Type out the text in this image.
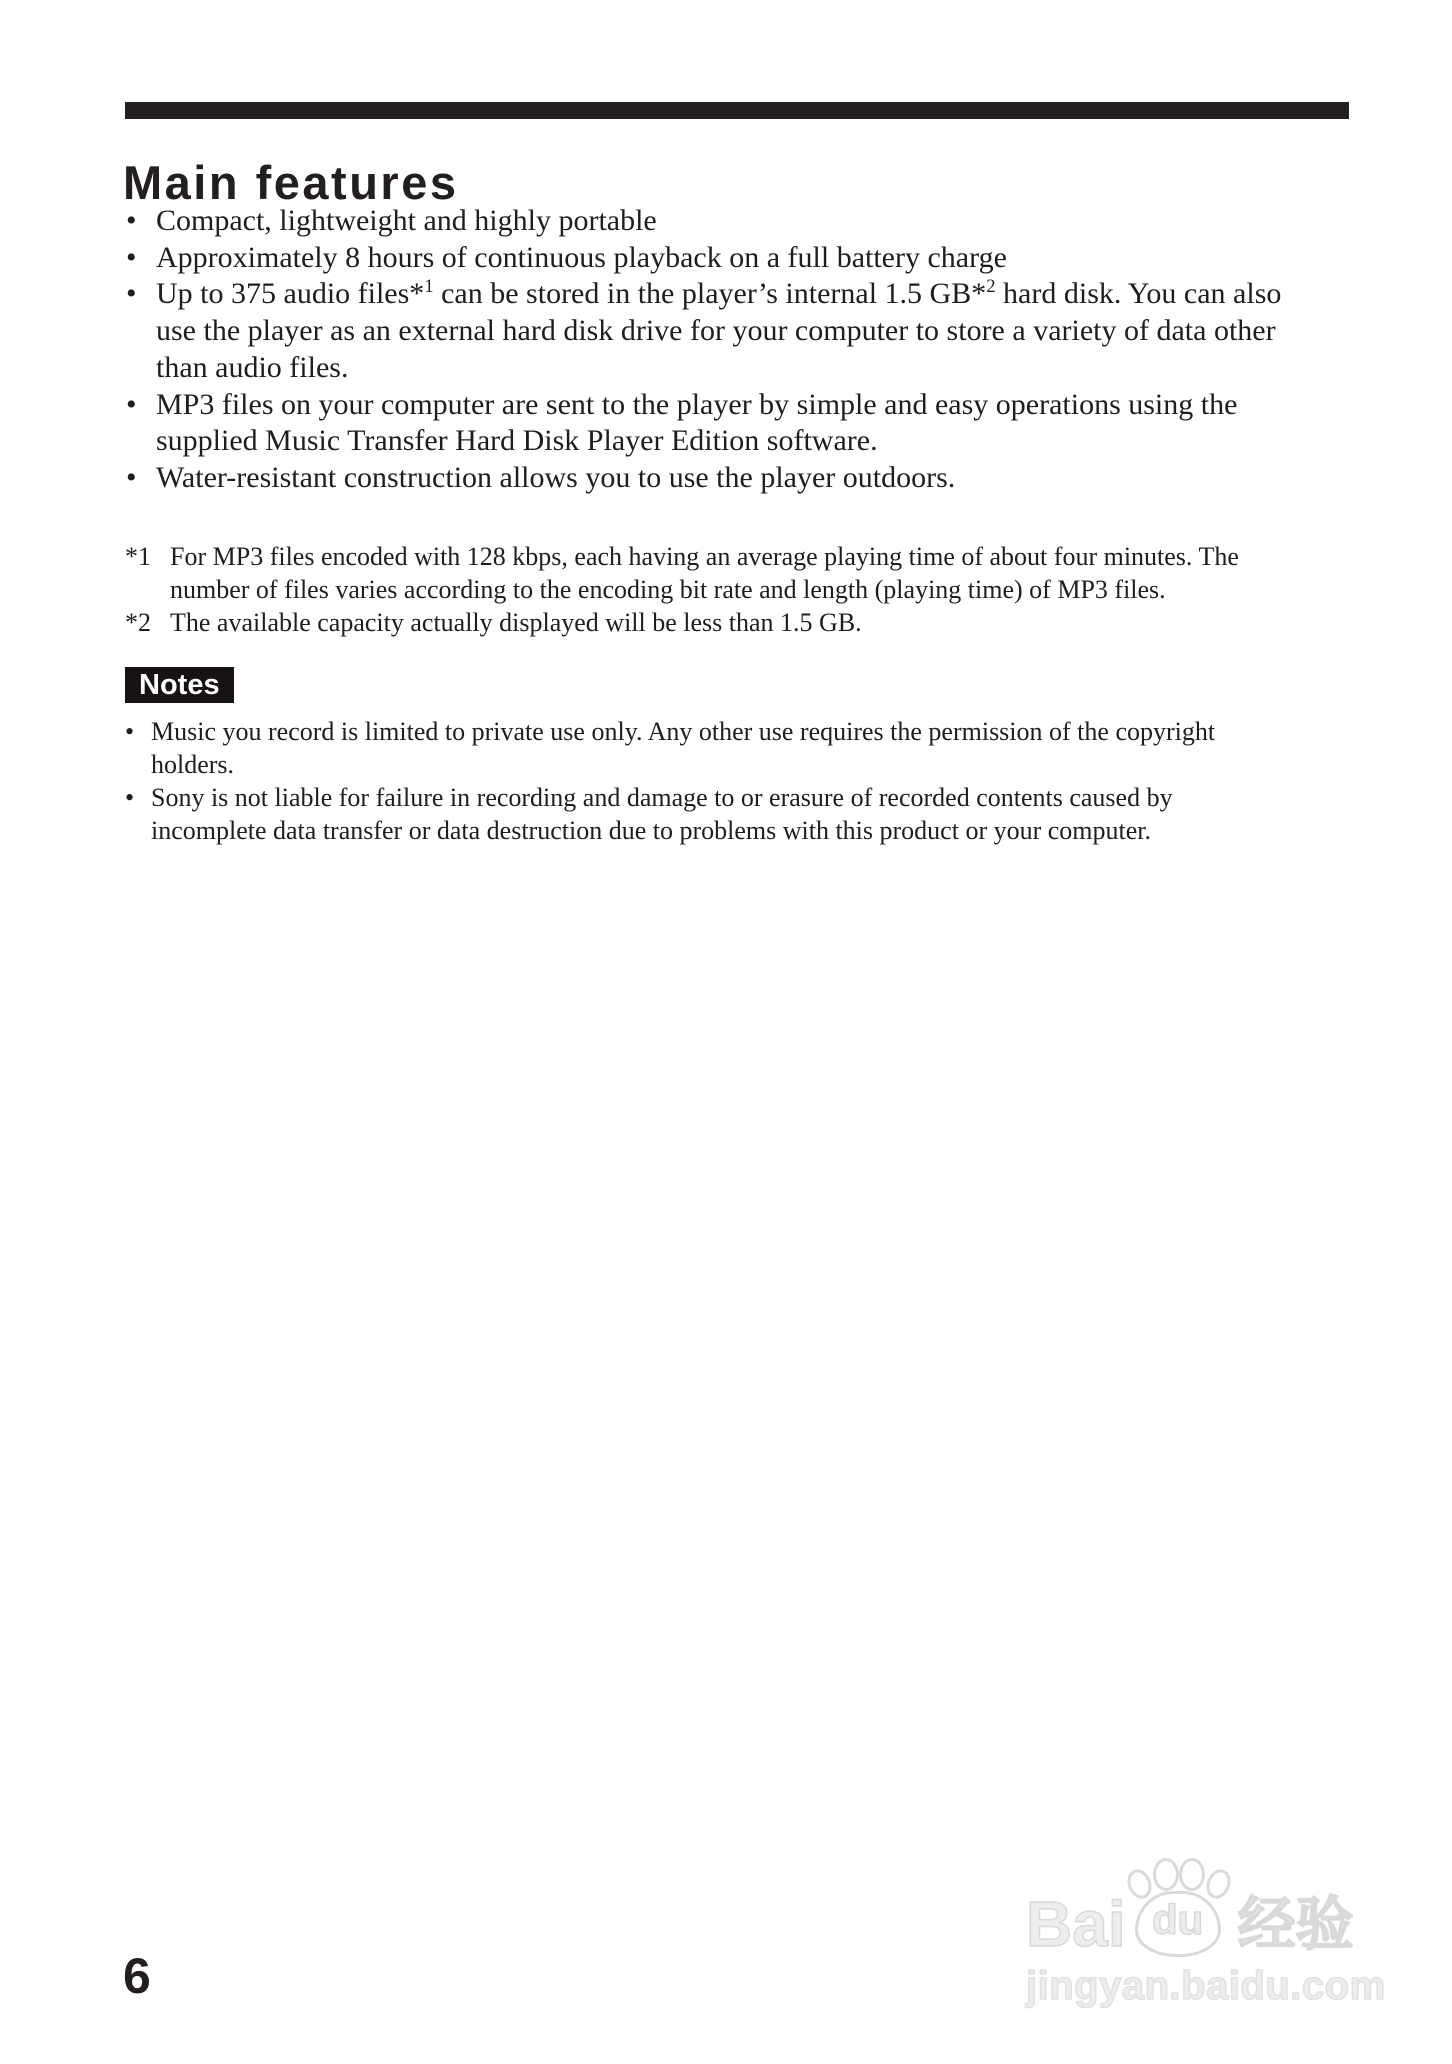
Main features
• Compact, lightweight and highly portable
• Approximately 8 hours of continuous playback on a full battery charge
• Up to 375 audio files*$^1$ can be stored in the player’s internal 1.5 GB*$^2$ hard disk. You can also
use the player as an external hard disk drive for your computer to store a variety of data other
than audio files.
• MP3 files on your computer are sent to the player by simple and easy operations using the
supplied Music Transfer Hard Disk Player Edition software.
• Water-resistant construction allows you to use the player outdoors.
*1 For MP3 files encoded with 128 kbps, each having an average playing time of about four minutes. The
number of files varies according to the encoding bit rate and length (playing time) of MP3 files.
*2 The available capacity actually displayed will be less than 1.5 GB.
Notes
• Music you record is limited to private use only. Any other use requires the permission of the copyright
holders.
• Sony is not liable for failure in recording and damage to or erasure of recorded contents caused by
incomplete data transfer or data destruction due to problems with this product or your computer.
6
Bai du 经验
jingyan.baidu.com
